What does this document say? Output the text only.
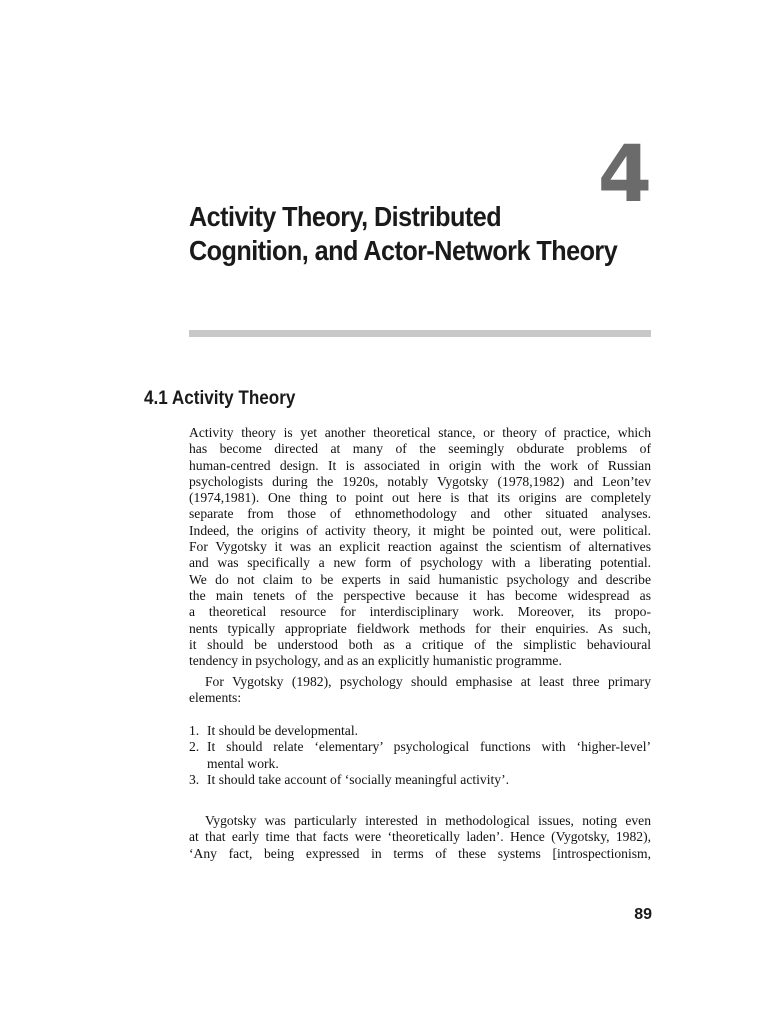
4
Activity Theory, Distributed
Cognition, and Actor-Network Theory
4.1 Activity Theory
Activity theory is yet another theoretical stance, or theory of practice, which
has become directed at many of the seemingly obdurate problems of
human-centred design. It is associated in origin with the work of Russian
psychologists during the 1920s, notably Vygotsky (1978,1982) and Leon’tev
(1974,1981). One thing to point out here is that its origins are completely
separate from those of ethnomethodology and other situated analyses.
Indeed, the origins of activity theory, it might be pointed out, were political.
For Vygotsky it was an explicit reaction against the scientism of alternatives
and was specifically a new form of psychology with a liberating potential.
We do not claim to be experts in said humanistic psychology and describe
the main tenets of the perspective because it has become widespread as
a theoretical resource for interdisciplinary work. Moreover, its propo-
nents typically appropriate fieldwork methods for their enquiries. As such,
it should be understood both as a critique of the simplistic behavioural
tendency in psychology, and as an explicitly humanistic programme.
For Vygotsky (1982), psychology should emphasise at least three primary
elements:
1. It should be developmental.
2. It should relate ‘elementary’ psychological functions with ‘higher-level’
mental work.
3. It should take account of ‘socially meaningful activity’.
Vygotsky was particularly interested in methodological issues, noting even
at that early time that facts were ‘theoretically laden’. Hence (Vygotsky, 1982),
‘Any fact, being expressed in terms of these systems [introspectionism,
89
